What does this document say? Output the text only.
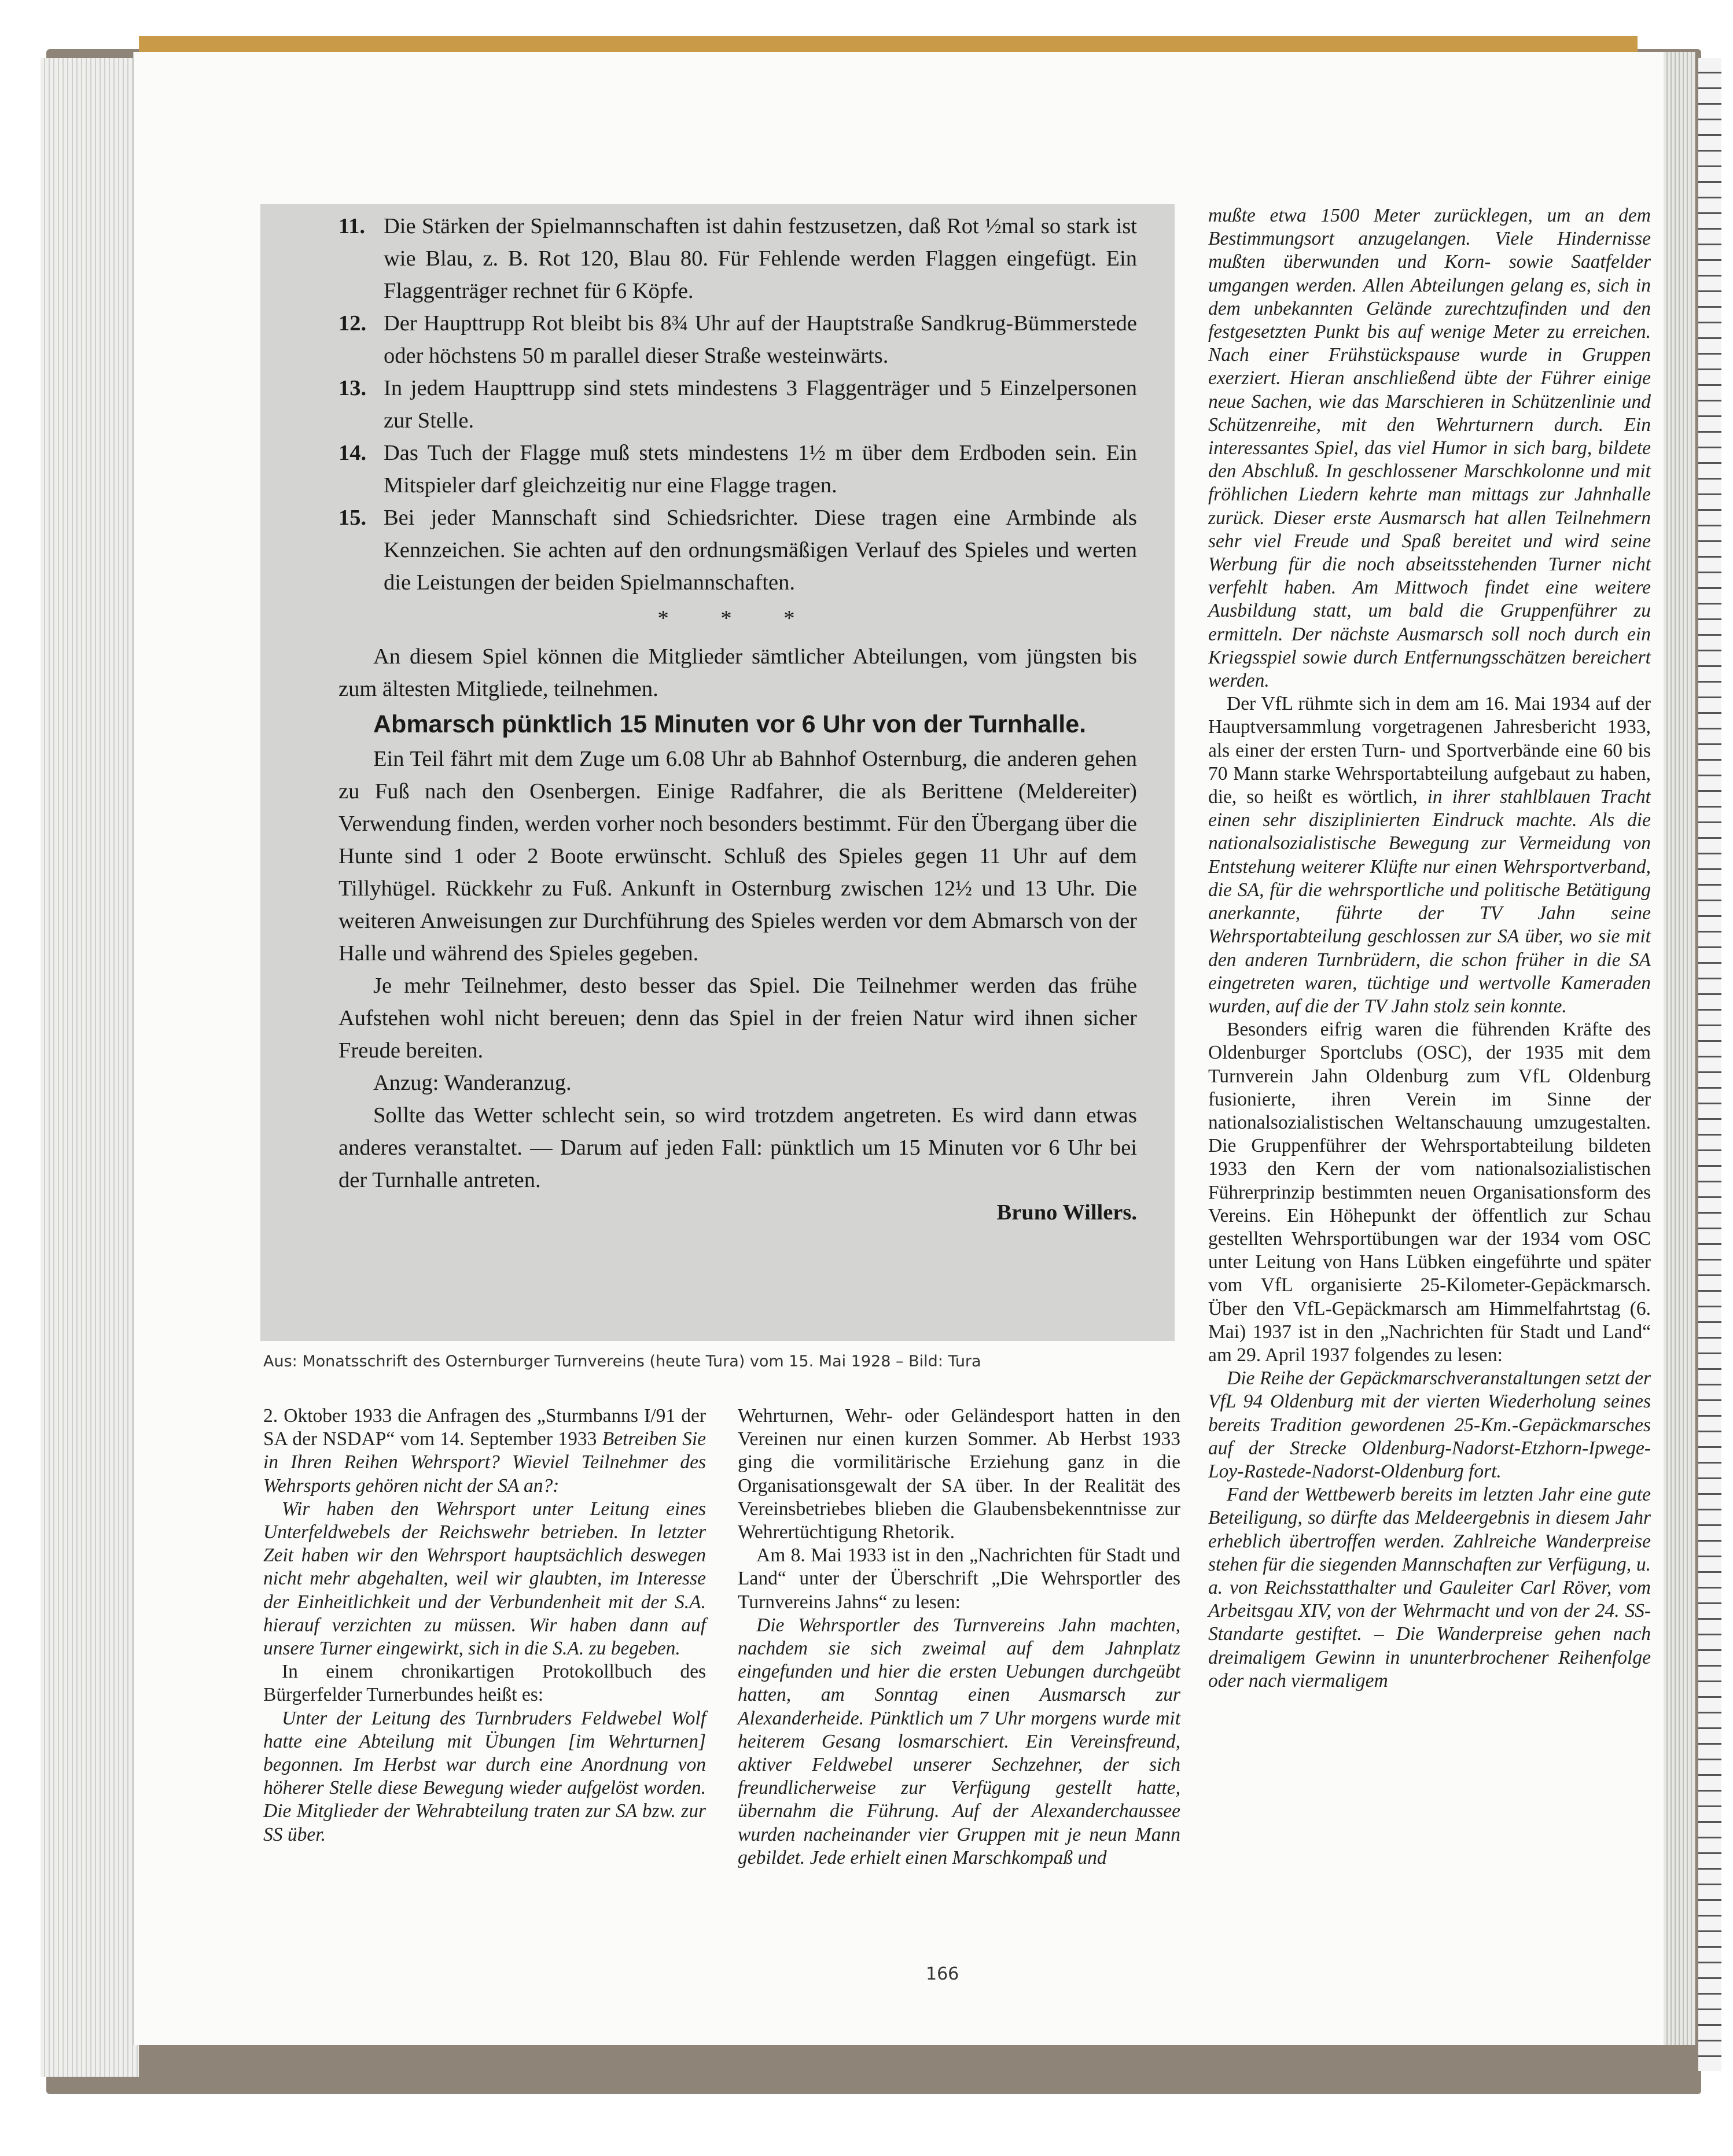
11. Die Stärken der Spielmannschaften ist dahin festzusetzen, daß Rot ½mal so stark ist wie Blau, z. B. Rot 120, Blau 80. Für Fehlende werden Flaggen eingefügt. Ein Flaggenträger rechnet für 6 Köpfe.
12. Der Haupttrupp Rot bleibt bis 8¾ Uhr auf der Hauptstraße Sandkrug-Bümmerstede oder höchstens 50 m parallel dieser Straße westeinwärts.
13. In jedem Haupttrupp sind stets mindestens 3 Flaggenträger und 5 Einzelpersonen zur Stelle.
14. Das Tuch der Flagge muß stets mindestens 1½ m über dem Erdboden sein. Ein Mitspieler darf gleichzeitig nur eine Flagge tragen.
15. Bei jeder Mannschaft sind Schiedsrichter. Diese tragen eine Armbinde als Kennzeichen. Sie achten auf den ordnungsmäßigen Verlauf des Spieles und werten die Leistungen der beiden Spielmannschaften.
* * *
An diesem Spiel können die Mitglieder sämtlicher Abteilungen, vom jüngsten bis zum ältesten Mitgliede, teilnehmen.
Abmarsch pünktlich 15 Minuten vor 6 Uhr von der Turnhalle.
Ein Teil fährt mit dem Zuge um 6.08 Uhr ab Bahnhof Osternburg, die anderen gehen zu Fuß nach den Osenbergen. Einige Radfahrer, die als Berittene (Meldereiter) Verwendung finden, werden vorher noch besonders bestimmt. Für den Übergang über die Hunte sind 1 oder 2 Boote erwünscht. Schluß des Spieles gegen 11 Uhr auf dem Tillyhügel. Rückkehr zu Fuß. Ankunft in Osternburg zwischen 12½ und 13 Uhr. Die weiteren Anweisungen zur Durchführung des Spieles werden vor dem Abmarsch von der Halle und während des Spieles gegeben.
Je mehr Teilnehmer, desto besser das Spiel. Die Teilnehmer werden das frühe Aufstehen wohl nicht bereuen; denn das Spiel in der freien Natur wird ihnen sicher Freude bereiten.
Anzug: Wanderanzug.
Sollte das Wetter schlecht sein, so wird trotzdem angetreten. Es wird dann etwas anderes veranstaltet. — Darum auf jeden Fall: pünktlich um 15 Minuten vor 6 Uhr bei der Turnhalle antreten.
Bruno Willers.
Aus: Monatsschrift des Osternburger Turnvereins (heute Tura) vom 15. Mai 1928 – Bild: Tura

2. Oktober 1933 die Anfragen des „Sturmbanns I/91 der SA der NSDAP“ vom 14. September 1933 Betreiben Sie in Ihren Reihen Wehrsport? Wieviel Teilnehmer des Wehrsports gehören nicht der SA an?:

Wir haben den Wehrsport unter Leitung eines Unterfeldwebels der Reichswehr betrieben. In letzter Zeit haben wir den Wehrsport hauptsächlich deswegen nicht mehr abgehalten, weil wir glaubten, im Interesse der Einheitlichkeit und der Verbundenheit mit der S.A. hierauf verzichten zu müssen. Wir haben dann auf unsere Turner eingewirkt, sich in die S.A. zu begeben.

In einem chronikartigen Protokollbuch des Bürgerfelder Turnerbundes heißt es:

Unter der Leitung des Turnbruders Feldwebel Wolf hatte eine Abteilung mit Übungen [im Wehrturnen] begonnen. Im Herbst war durch eine Anordnung von höherer Stelle diese Bewegung wieder aufgelöst worden. Die Mitglieder der Wehrabteilung traten zur SA bzw. zur SS über.

Wehrturnen, Wehr- oder Geländesport hatten in den Vereinen nur einen kurzen Sommer. Ab Herbst 1933 ging die vormilitärische Erziehung ganz in die Organisationsgewalt der SA über. In der Realität des Vereinsbetriebes blieben die Glaubensbekenntnisse zur Wehrertüchtigung Rhetorik.

Am 8. Mai 1933 ist in den „Nachrichten für Stadt und Land“ unter der Überschrift „Die Wehrsportler des Turnvereins Jahns“ zu lesen:

Die Wehrsportler des Turnvereins Jahn machten, nachdem sie sich zweimal auf dem Jahnplatz eingefunden und hier die ersten Uebungen durchgeübt hatten, am Sonntag einen Ausmarsch zur Alexanderheide. Pünktlich um 7 Uhr morgens wurde mit heiterem Gesang losmarschiert. Ein Vereinsfreund, aktiver Feldwebel unserer Sechzehner, der sich freundlicherweise zur Verfügung gestellt hatte, übernahm die Führung. Auf der Alexanderchaussee wurden nacheinander vier Gruppen mit je neun Mann gebildet. Jede erhielt einen Marschkompaß und

mußte etwa 1500 Meter zurücklegen, um an dem Bestimmungsort anzugelangen. Viele Hindernisse mußten überwunden und Korn- sowie Saatfelder umgangen werden. Allen Abteilungen gelang es, sich in dem unbekannten Gelände zurechtzufinden und den festgesetzten Punkt bis auf wenige Meter zu erreichen. Nach einer Frühstückspause wurde in Gruppen exerziert. Hieran anschließend übte der Führer einige neue Sachen, wie das Marschieren in Schützenlinie und Schützenreihe, mit den Wehrturnern durch. Ein interessantes Spiel, das viel Humor in sich barg, bildete den Abschluß. In geschlossener Marschkolonne und mit fröhlichen Liedern kehrte man mittags zur Jahnhalle zurück. Dieser erste Ausmarsch hat allen Teilnehmern sehr viel Freude und Spaß bereitet und wird seine Werbung für die noch abseitsstehenden Turner nicht verfehlt haben. Am Mittwoch findet eine weitere Ausbildung statt, um bald die Gruppenführer zu ermitteln. Der nächste Ausmarsch soll noch durch ein Kriegsspiel sowie durch Entfernungsschätzen bereichert werden.

Der VfL rühmte sich in dem am 16. Mai 1934 auf der Hauptversammlung vorgetragenen Jahresbericht 1933, als einer der ersten Turn- und Sportverbände eine 60 bis 70 Mann starke Wehrsportabteilung aufgebaut zu haben, die, so heißt es wörtlich, in ihrer stahlblauen Tracht einen sehr disziplinierten Eindruck machte. Als die nationalsozialistische Bewegung zur Vermeidung von Entstehung weiterer Klüfte nur einen Wehrsportverband, die SA, für die wehrsportliche und politische Betätigung anerkannte, führte der TV Jahn seine Wehrsportabteilung geschlossen zur SA über, wo sie mit den anderen Turnbrüdern, die schon früher in die SA eingetreten waren, tüchtige und wertvolle Kameraden wurden, auf die der TV Jahn stolz sein konnte.

Besonders eifrig waren die führenden Kräfte des Oldenburger Sportclubs (OSC), der 1935 mit dem Turnverein Jahn Oldenburg zum VfL Oldenburg fusionierte, ihren Verein im Sinne der nationalsozialistischen Weltanschauung umzugestalten. Die Gruppenführer der Wehrsportabteilung bildeten 1933 den Kern der vom nationalsozialistischen Führerprinzip bestimmten neuen Organisationsform des Vereins. Ein Höhepunkt der öffentlich zur Schau gestellten Wehrsportübungen war der 1934 vom OSC unter Leitung von Hans Lübken eingeführte und später vom VfL organisierte 25-Kilometer-Gepäckmarsch. Über den VfL-Gepäckmarsch am Himmelfahrtstag (6. Mai) 1937 ist in den „Nachrichten für Stadt und Land“ am 29. April 1937 folgendes zu lesen:

Die Reihe der Gepäckmarschveranstaltungen setzt der VfL 94 Oldenburg mit der vierten Wiederholung seines bereits Tradition gewordenen 25-Km.-Gepäckmarsches auf der Strecke Oldenburg-Nadorst-Etzhorn-Ipwege-Loy-Rastede-Nadorst-Oldenburg fort.

Fand der Wettbewerb bereits im letzten Jahr eine gute Beteiligung, so dürfte das Meldeergebnis in diesem Jahr erheblich übertroffen werden. Zahlreiche Wanderpreise stehen für die siegenden Mannschaften zur Verfügung, u. a. von Reichsstatthalter und Gauleiter Carl Röver, vom Arbeitsgau XIV, von der Wehrmacht und von der 24. SS-Standarte gestiftet. – Die Wanderpreise gehen nach dreimaligem Gewinn in ununterbrochener Reihenfolge oder nach viermaligem

166
